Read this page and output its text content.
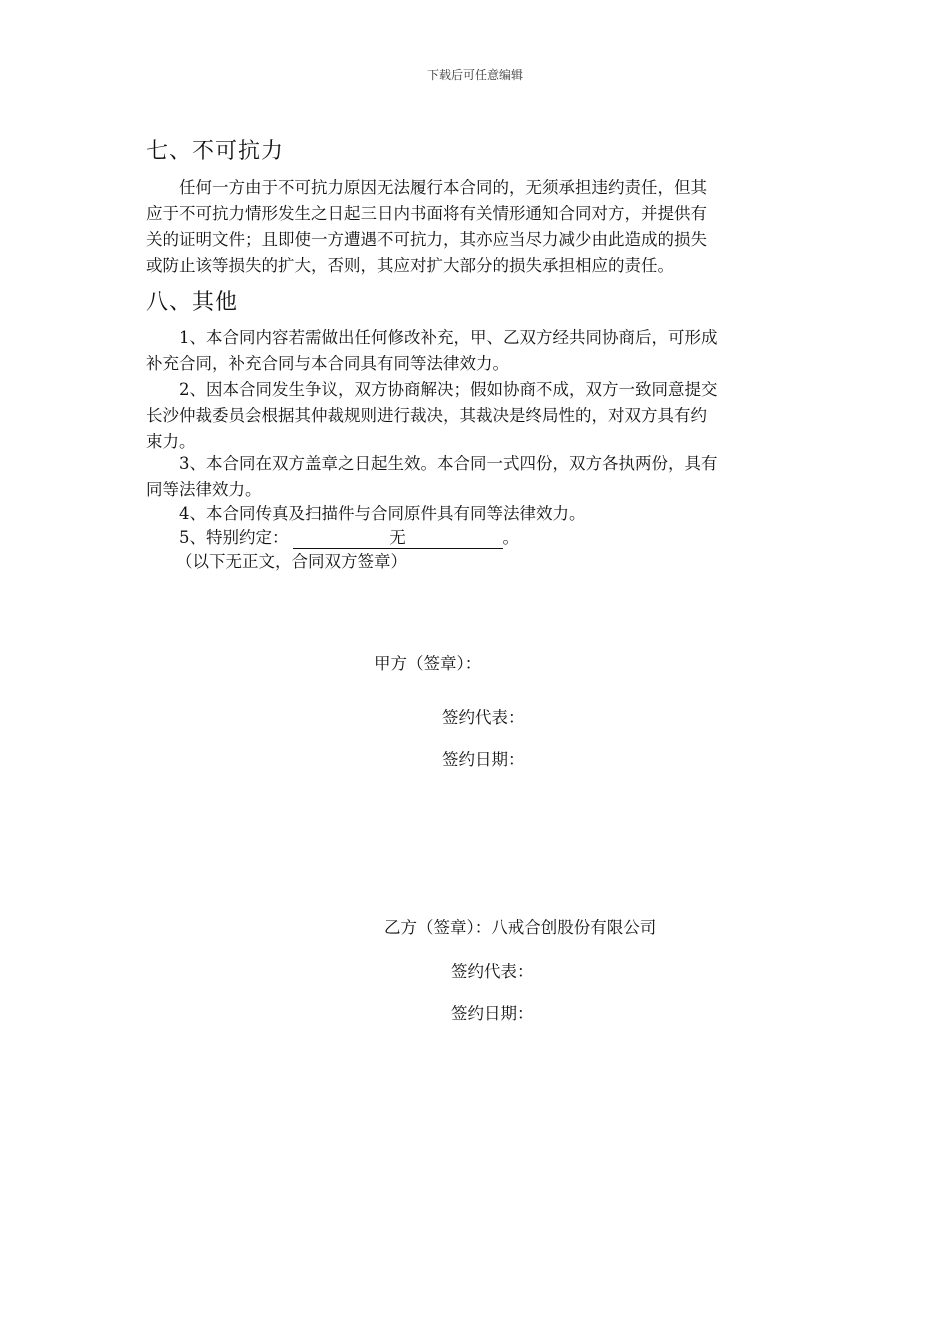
下载后可任意编辑
七、不可抗力
任何一方由于不可抗力原因无法履行本合同的，无须承担违约责任，但其
应于不可抗力情形发生之日起三日内书面将有关情形通知合同对方，并提供有
关的证明文件；且即使一方遭遇不可抗力，其亦应当尽力减少由此造成的损失
或防止该等损失的扩大，否则，其应对扩大部分的损失承担相应的责任。
八、其他
1、本合同内容若需做出任何修改补充，甲、乙双方经共同协商后，可形成
补充合同，补充合同与本合同具有同等法律效力。
2、因本合同发生争议，双方协商解决；假如协商不成，双方一致同意提交
长沙仲裁委员会根据其仲裁规则进行裁决，其裁决是终局性的，对双方具有约
束力。
3、本合同在双方盖章之日起生效。本合同一式四份，双方各执两份，具有
同等法律效力。
4、本合同传真及扫描件与合同原件具有同等法律效力。
5、特别约定：	无	。
（以下无正文，合同双方签章）
甲方（签章）：
签约代表：
签约日期：
乙方（签章）：八戒合创股份有限公司
签约代表：
签约日期：
